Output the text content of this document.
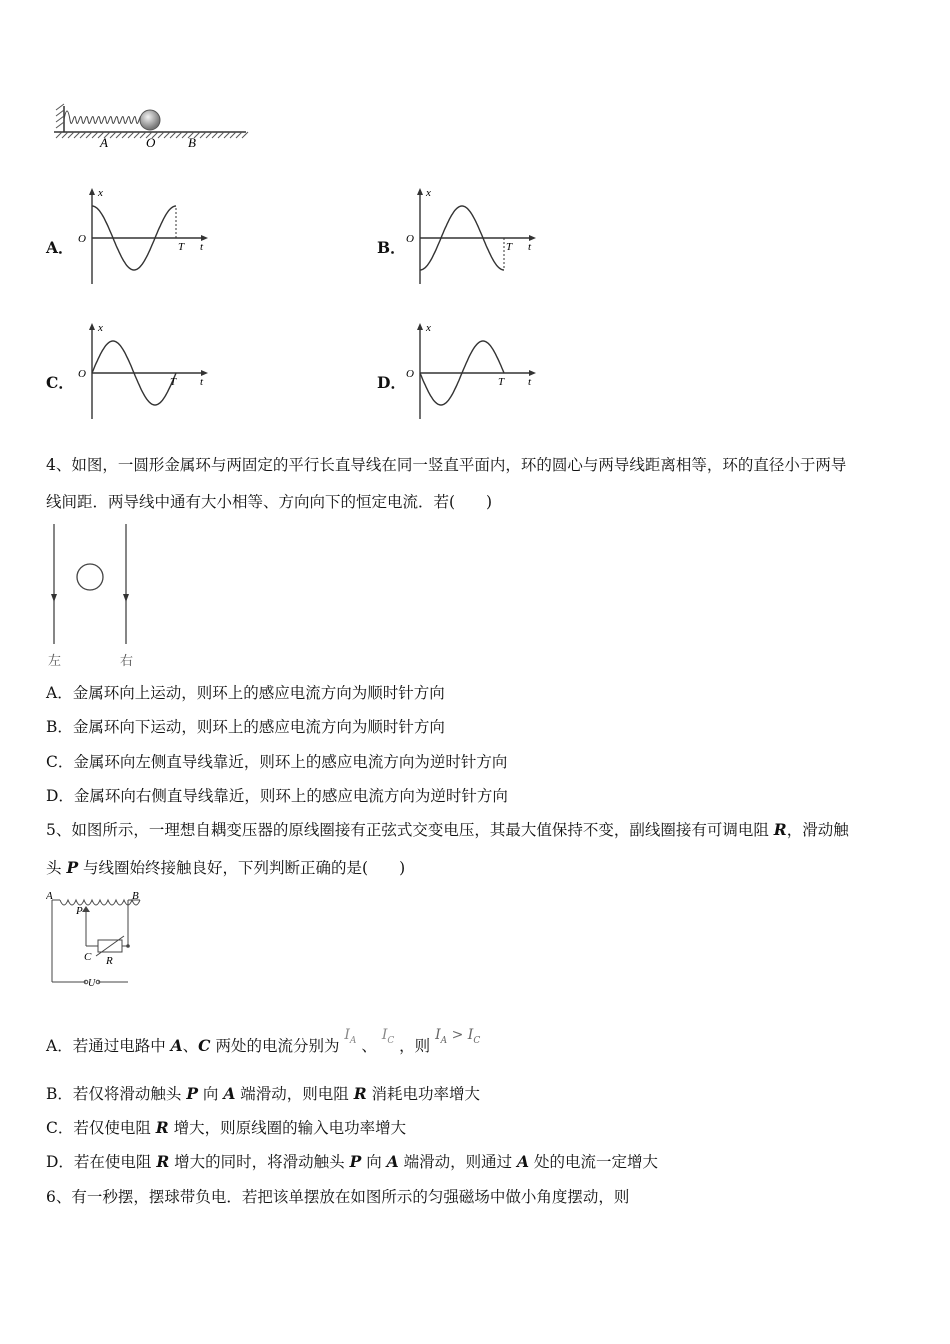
A	O	B
A．
x
O
T t	B．
x
O
T t
C．
x
O
T t	D．
x
O
T t
4、如图，一圆形金属环与两固定的平行长直导线在同一竖直平面内，环的圆心与两导线距离相等，环的直径小于两导
线间距．两导线中通有大小相等、方向向下的恒定电流．若(　　)
左	右
A．金属环向上运动，则环上的感应电流方向为顺时针方向
B．金属环向下运动，则环上的感应电流方向为顺时针方向
C．金属环向左侧直导线靠近，则环上的感应电流方向为逆时针方向
D．金属环向右侧直导线靠近，则环上的感应电流方向为逆时针方向
5、如图所示，一理想自耦变压器的原线圈接有正弦式交变电压，其最大值保持不变，副线圈接有可调电阻 R，滑动触
头 P 与线圈始终接触良好，下列判断正确的是(　　)
A	B
P
C R
U
A．若通过电路中 A、C 两处的电流分别为 $I_A$ 、 $I_C$ ，则 $I_A > I_C$
B．若仅将滑动触头 P 向 A 端滑动，则电阻 R 消耗电功率增大
C．若仅使电阻 R 增大，则原线圈的输入电功率增大
D．若在使电阻 R 增大的同时，将滑动触头 P 向 A 端滑动，则通过 A 处的电流一定增大
6、有一秒摆，摆球带负电．若把该单摆放在如图所示的匀强磁场中做小角度摆动，则
